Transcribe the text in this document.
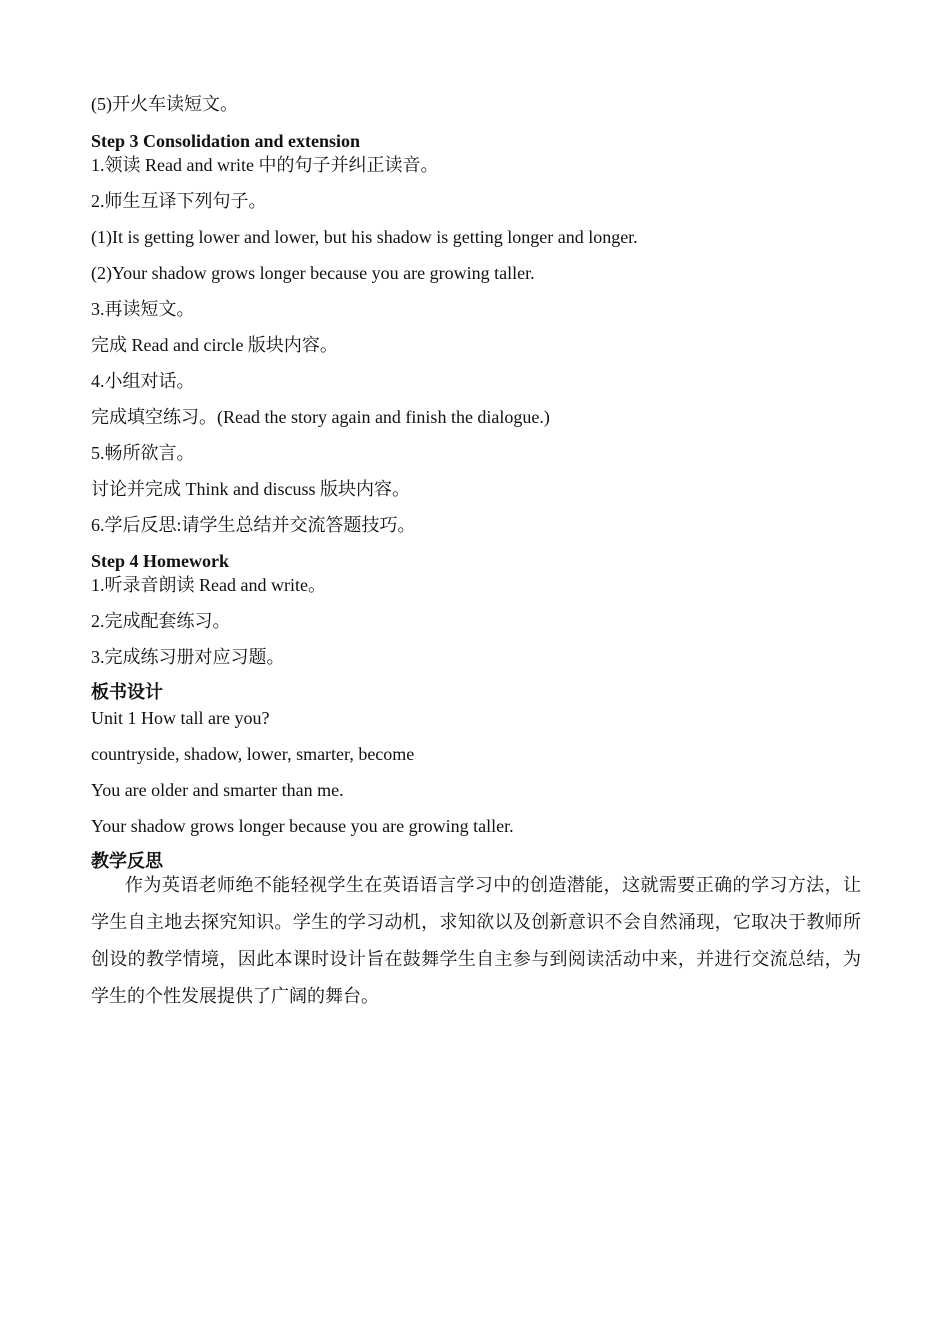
(5)开火车读短文。
Step 3 Consolidation and extension
1.领读 Read and write 中的句子并纠正读音。
2.师生互译下列句子。
(1)It is getting lower and lower, but his shadow is getting longer and longer.
(2)Your shadow grows longer because you are growing taller.
3.再读短文。
完成 Read and circle 版块内容。
4.小组对话。
完成填空练习。(Read the story again and finish the dialogue.)
5.畅所欲言。
讨论并完成 Think and discuss 版块内容。
6.学后反思:请学生总结并交流答题技巧。
Step 4 Homework
1.听录音朗读 Read and write。
2.完成配套练习。
3.完成练习册对应习题。
板书设计
Unit 1 How tall are you?
countryside, shadow, lower, smarter, become
You are older and smarter than me.
Your shadow grows longer because you are growing taller.
教学反思
作为英语老师绝不能轻视学生在英语语言学习中的创造潜能，这就需要正确的学习方法，让学生自主地去探究知识。学生的学习动机，求知欲以及创新意识不会自然涌现，它取决于教师所创设的教学情境，因此本课时设计旨在鼓舞学生自主参与到阅读活动中来，并进行交流总结，为学生的个性发展提供了广阔的舞台。
